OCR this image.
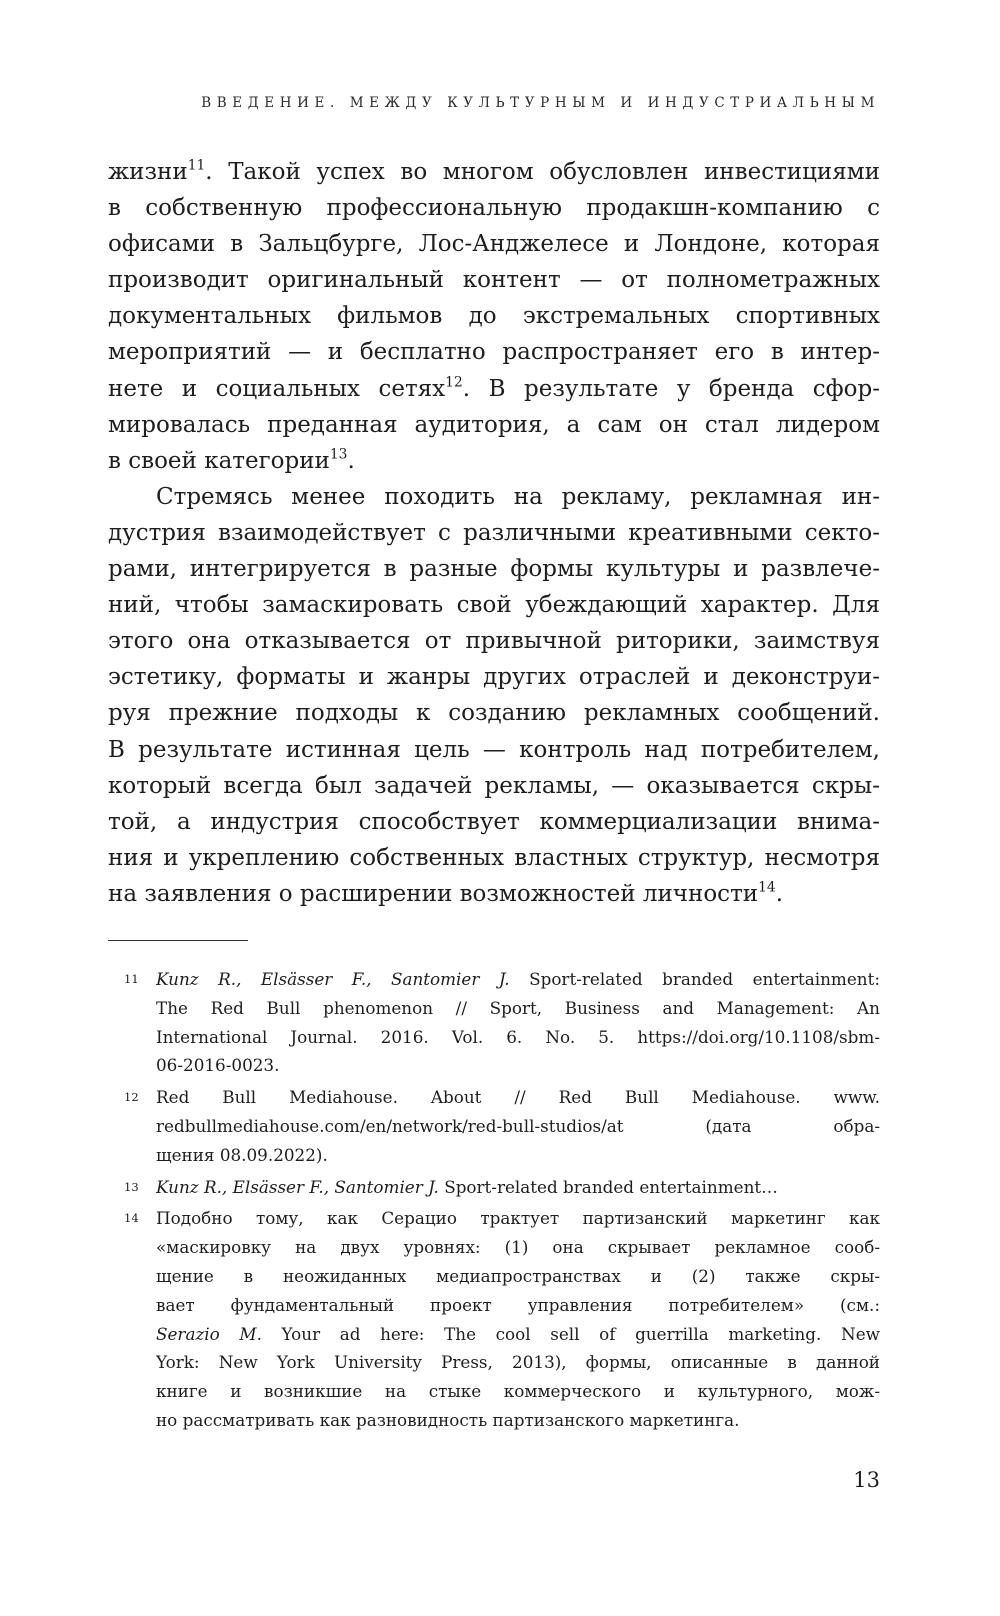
ВВЕДЕНИЕ. МЕЖДУ КУЛЬТУРНЫМ И ИНДУСТРИАЛЬНЫМ
жизни$^{11}$. Такой успех во многом обусловлен инвестициями
в собственную профессиональную продакшн-компанию с
офисами в Зальцбурге, Лос-Анджелесе и Лондоне, которая
производит оригинальный контент — от полнометражных
документальных фильмов до экстремальных спортивных
мероприятий — и бесплатно распространяет его в интер-
нете и социальных сетях$^{12}$. В результате у бренда сфор-
мировалась преданная аудитория, а сам он стал лидером
в своей категории$^{13}$.
Стремясь менее походить на рекламу, рекламная ин-
дустрия взаимодействует с различными креативными секто-
рами, интегрируется в разные формы культуры и развлече-
ний, чтобы замаскировать свой убеждающий характер. Для
этого она отказывается от привычной риторики, заимствуя
эстетику, форматы и жанры других отраслей и деконструи-
руя прежние подходы к созданию рекламных сообщений.
В результате истинная цель — контроль над потребителем,
который всегда был задачей рекламы, — оказывается скры-
той, а индустрия способствует коммерциализации внима-
ния и укреплению собственных властных структур, несмотря
на заявления о расширении возможностей личности$^{14}$.
11 Kunz R., Elsässer F., Santomier J. Sport-related branded entertainment:
The Red Bull phenomenon // Sport, Business and Management: An
International Journal. 2016. Vol. 6. No. 5. https://doi.org/10.1108/sbm-
06-2016-0023.
12 Red Bull Mediahouse. About // Red Bull Mediahouse. www.
redbullmediahouse.com/en/network/red-bull-studios/at (дата обра-
щения 08.09.2022).
13 Kunz R., Elsässer F., Santomier J. Sport-related branded entertainment…
14 Подобно тому, как Серацио трактует партизанский маркетинг как
«маскировку на двух уровнях: (1) она скрывает рекламное сооб-
щение в неожиданных медиапространствах и (2) также скры-
вает фундаментальный проект управления потребителем» (см.:
Serazio M. Your ad here: The cool sell of guerrilla marketing. New
York: New York University Press, 2013), формы, описанные в данной
книге и возникшие на стыке коммерческого и культурного, мож-
но рассматривать как разновидность партизанского маркетинга.
13
